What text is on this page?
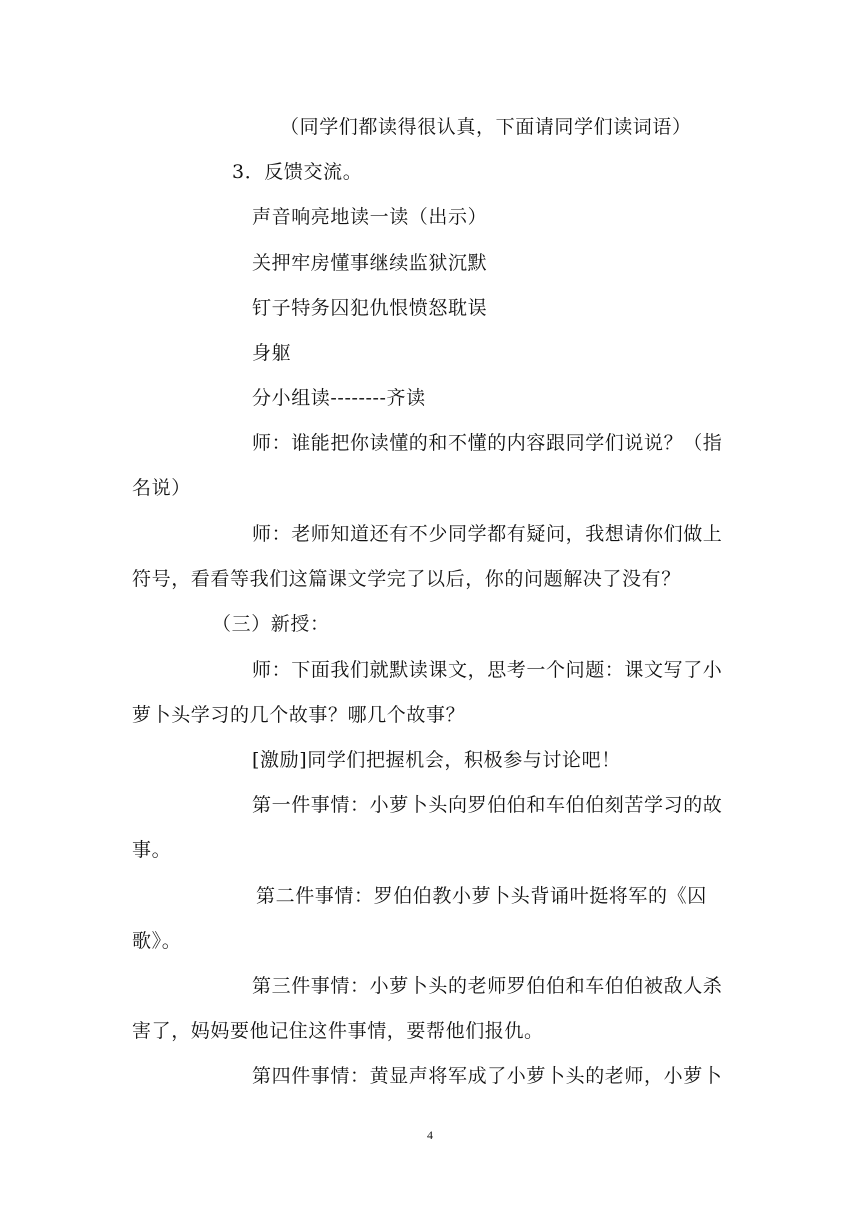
（同学们都读得很认真，下面请同学们读词语）
3．反馈交流。
声音响亮地读一读（出示）
关押牢房懂事继续监狱沉默
钉子特务囚犯仇恨愤怒耽误
身躯
分小组读--------齐读
师：谁能把你读懂的和不懂的内容跟同学们说说？（指
名说）
师：老师知道还有不少同学都有疑问，我想请你们做上
符号，看看等我们这篇课文学完了以后，你的问题解决了没有？
（三）新授：
师：下面我们就默读课文，思考一个问题：课文写了小
萝卜头学习的几个故事？哪几个故事？
[激励]同学们把握机会，积极参与讨论吧！
第一件事情：小萝卜头向罗伯伯和车伯伯刻苦学习的故
事。
第二件事情：罗伯伯教小萝卜头背诵叶挺将军的《囚
歌》。
第三件事情：小萝卜头的老师罗伯伯和车伯伯被敌人杀
害了，妈妈要他记住这件事情，要帮他们报仇。
第四件事情：黄显声将军成了小萝卜头的老师，小萝卜
4
